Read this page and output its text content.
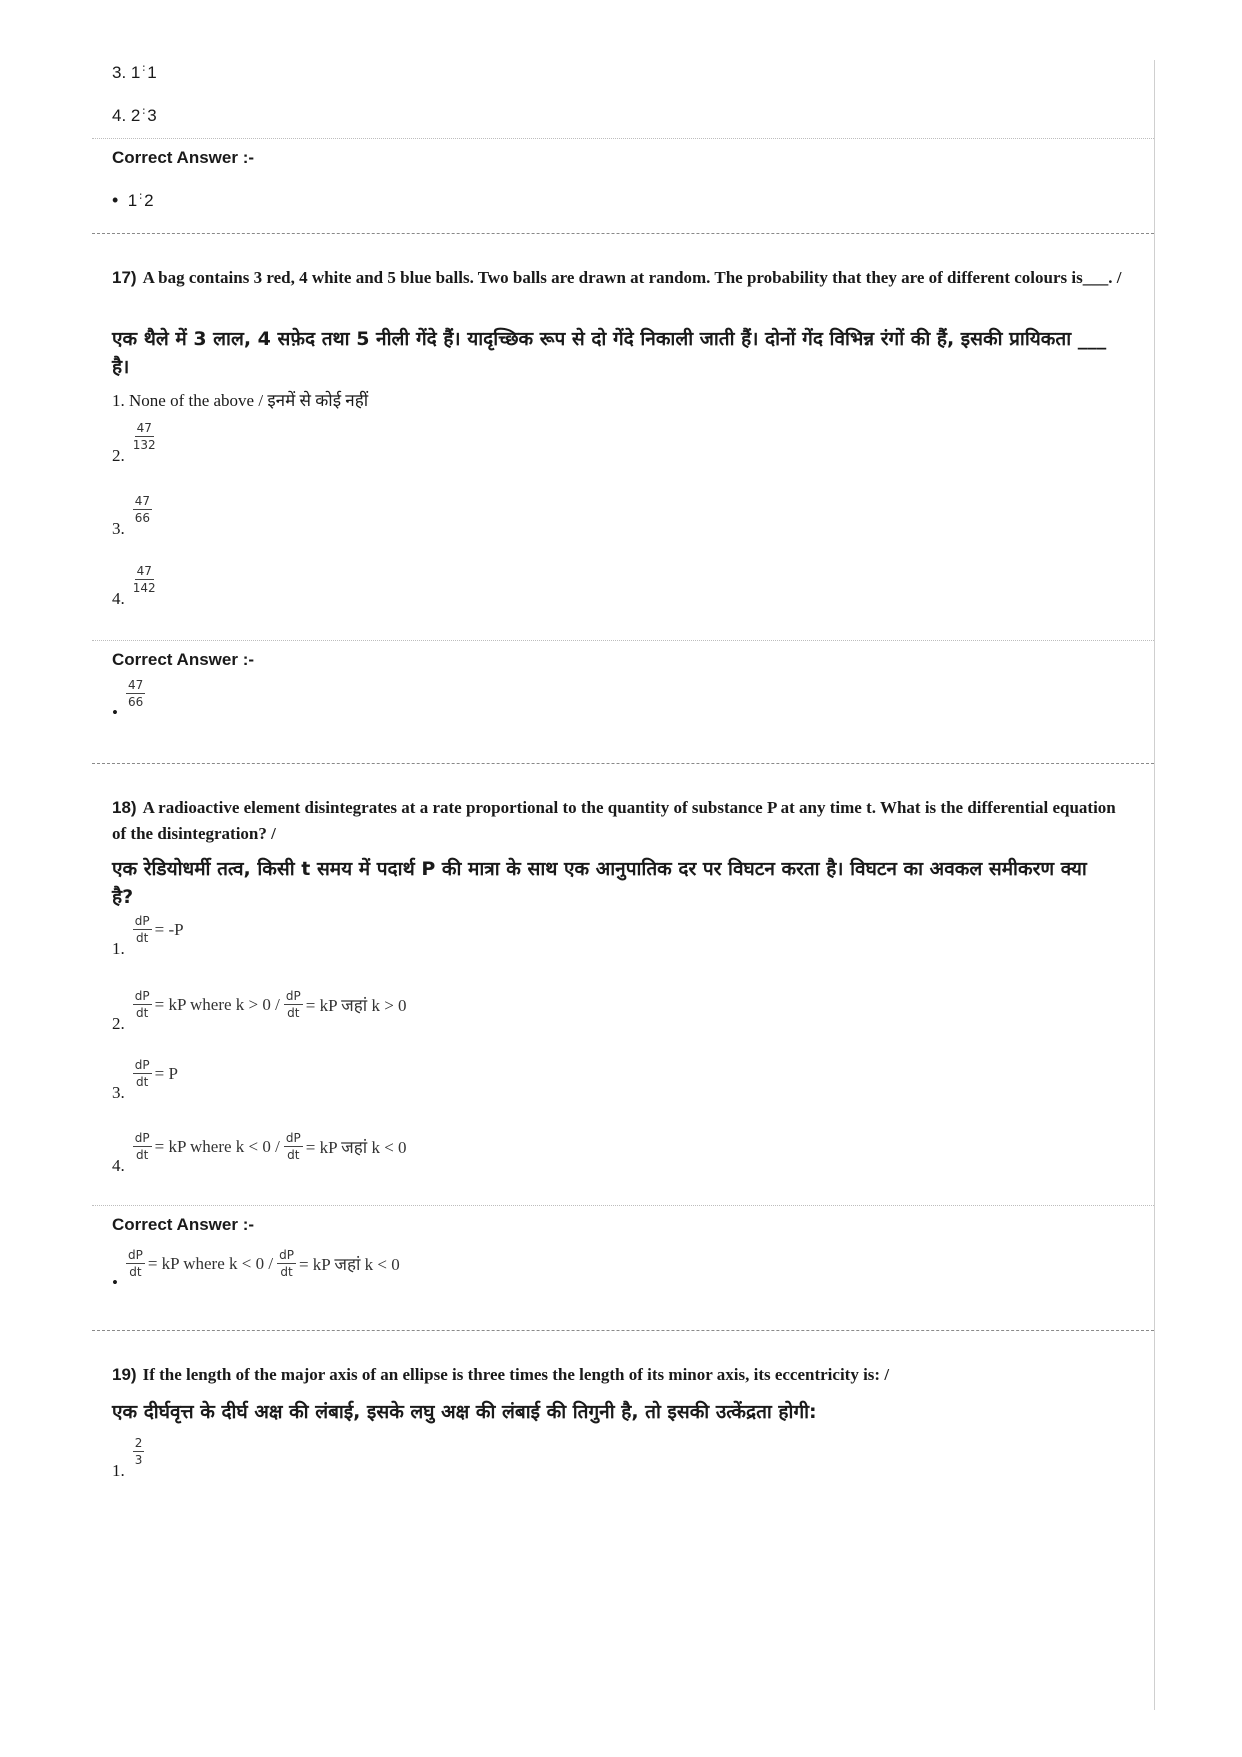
3. 1 ∶ 1
4. 2 ∶ 3
Correct Answer :-
• 1 ∶ 2
17) A bag contains 3 red, 4 white and 5 blue balls. Two balls are drawn at random. The probability that they are of different colours is___. /
एक थैले में 3 लाल, 4 सफ़ेद तथा 5 नीली गेंदे हैं। यादृच्छिक रूप से दो गेंदे निकाली जाती हैं। दोनों गेंद विभिन्न रंगों की हैं, इसकी प्रायिकता ___ है।
1. None of the above / इनमें से कोई नहीं
2.
$\frac{47}{132}$
3.
$\frac{47}{66}$
4.
$\frac{47}{142}$
Correct Answer :-
•
$\frac{47}{66}$
18) A radioactive element disintegrates at a rate proportional to the quantity of substance P at any time t. What is the differential equation of the disintegration? /
एक रेडियोधर्मी तत्व, किसी t समय में पदार्थ P की मात्रा के साथ एक आनुपातिक दर पर विघटन करता है। विघटन का अवकल समीकरण क्या है?
1.
$\frac{dP}{dt} = -P$
2.
$\frac{dP}{dt}$ = kP where $k > 0 / \frac{dP}{dt}$ = kP जहां k > 0
3.
$\frac{dP}{dt} = P$
4.
$\frac{dP}{dt}$ = kP where $k < 0 / \frac{dP}{dt}$ = kP जहां k < 0
Correct Answer :-
•
$\frac{dP}{dt}$ = kP where $k < 0 / \frac{dP}{dt}$ = kP जहां k < 0
19) If the length of the major axis of an ellipse is three times the length of its minor axis, its eccentricity is: /
एक दीर्घवृत्त के दीर्घ अक्ष की लंबाई, इसके लघु अक्ष की लंबाई की तिगुनी है, तो इसकी उत्केंद्रता होगी:
1.
$\frac{2}{3}$
